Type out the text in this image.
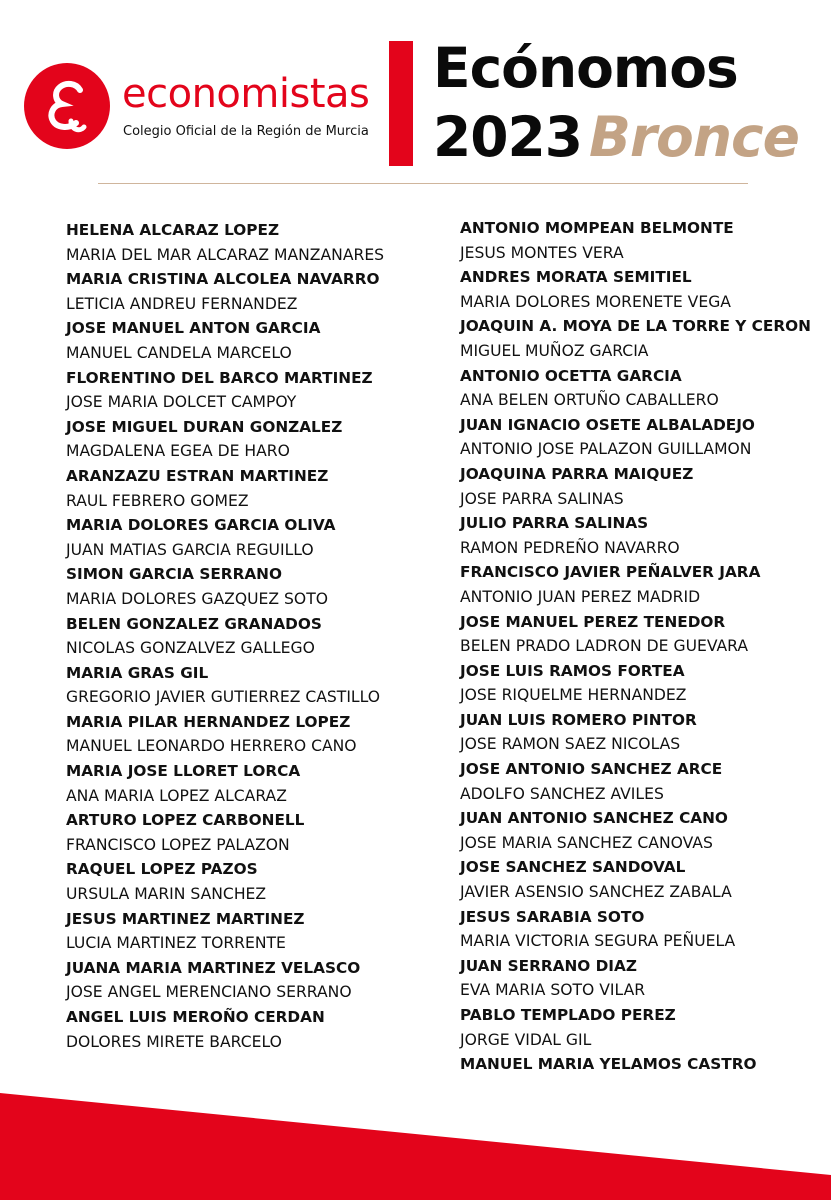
economistas
Colegio Oficial de la Región de Murcia
Ecónomos
2023 Bronce
HELENA ALCARAZ LOPEZ
MARIA DEL MAR ALCARAZ MANZANARES
MARIA CRISTINA ALCOLEA NAVARRO
LETICIA ANDREU FERNANDEZ
JOSE MANUEL ANTON GARCIA
MANUEL CANDELA MARCELO
FLORENTINO DEL BARCO MARTINEZ
JOSE MARIA DOLCET CAMPOY
JOSE MIGUEL DURAN GONZALEZ
MAGDALENA EGEA DE HARO
ARANZAZU ESTRAN MARTINEZ
RAUL FEBRERO GOMEZ
MARIA DOLORES GARCIA OLIVA
JUAN MATIAS GARCIA REGUILLO
SIMON GARCIA SERRANO
MARIA DOLORES GAZQUEZ SOTO
BELEN GONZALEZ GRANADOS
NICOLAS GONZALVEZ GALLEGO
MARIA GRAS GIL
GREGORIO JAVIER GUTIERREZ CASTILLO
MARIA PILAR HERNANDEZ LOPEZ
MANUEL LEONARDO HERRERO CANO
MARIA JOSE LLORET LORCA
ANA MARIA LOPEZ ALCARAZ
ARTURO LOPEZ CARBONELL
FRANCISCO LOPEZ PALAZON
RAQUEL LOPEZ PAZOS
URSULA MARIN SANCHEZ
JESUS MARTINEZ MARTINEZ
LUCIA MARTINEZ TORRENTE
JUANA MARIA MARTINEZ VELASCO
JOSE ANGEL MERENCIANO SERRANO
ANGEL LUIS MEROÑO CERDAN
DOLORES MIRETE BARCELO
ANTONIO MOMPEAN BELMONTE
JESUS MONTES VERA
ANDRES MORATA SEMITIEL
MARIA DOLORES MORENETE VEGA
JOAQUIN A. MOYA DE LA TORRE Y CERON
MIGUEL MUÑOZ GARCIA
ANTONIO OCETTA GARCIA
ANA BELEN ORTUÑO CABALLERO
JUAN IGNACIO OSETE ALBALADEJO
ANTONIO JOSE PALAZON GUILLAMON
JOAQUINA PARRA MAIQUEZ
JOSE PARRA SALINAS
JULIO PARRA SALINAS
RAMON PEDREÑO NAVARRO
FRANCISCO JAVIER PEÑALVER JARA
ANTONIO JUAN PEREZ MADRID
JOSE MANUEL PEREZ TENEDOR
BELEN PRADO LADRON DE GUEVARA
JOSE LUIS RAMOS FORTEA
JOSE RIQUELME HERNANDEZ
JUAN LUIS ROMERO PINTOR
JOSE RAMON SAEZ NICOLAS
JOSE ANTONIO SANCHEZ ARCE
ADOLFO SANCHEZ AVILES
JUAN ANTONIO SANCHEZ CANO
JOSE MARIA SANCHEZ CANOVAS
JOSE SANCHEZ SANDOVAL
JAVIER ASENSIO SANCHEZ ZABALA
JESUS SARABIA SOTO
MARIA VICTORIA SEGURA PEÑUELA
JUAN SERRANO DIAZ
EVA MARIA SOTO VILAR
PABLO TEMPLADO PEREZ
JORGE VIDAL GIL
MANUEL MARIA YELAMOS CASTRO
